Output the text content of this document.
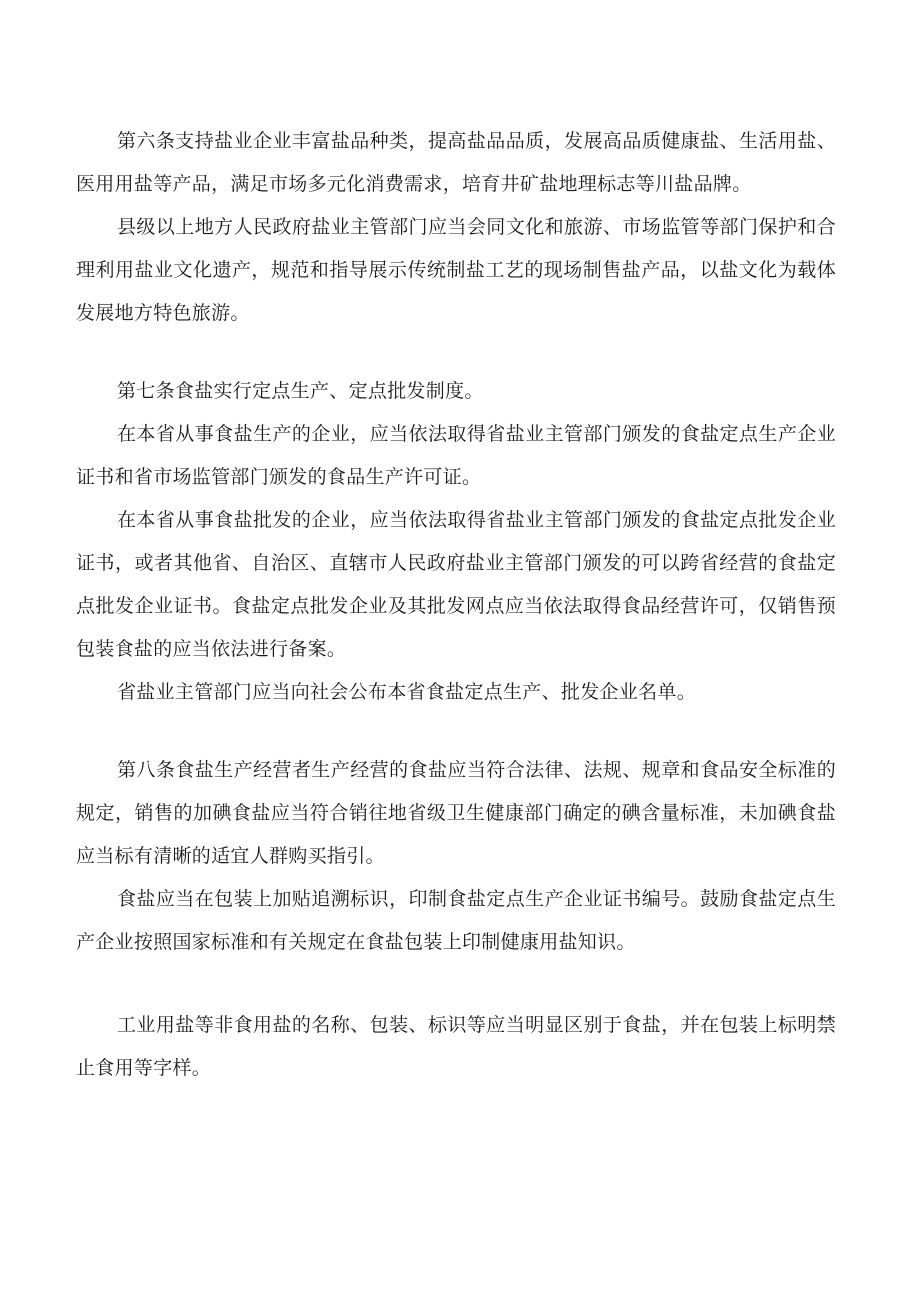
第六条支持盐业企业丰富盐品种类，提高盐品品质，发展高品质健康盐、生活用盐、医用用盐等产品，满足市场多元化消费需求，培育井矿盐地理标志等川盐品牌。

县级以上地方人民政府盐业主管部门应当会同文化和旅游、市场监管等部门保护和合理利用盐业文化遗产，规范和指导展示传统制盐工艺的现场制售盐产品，以盐文化为载体发展地方特色旅游。

第七条食盐实行定点生产、定点批发制度。

在本省从事食盐生产的企业，应当依法取得省盐业主管部门颁发的食盐定点生产企业证书和省市场监管部门颁发的食品生产许可证。

在本省从事食盐批发的企业，应当依法取得省盐业主管部门颁发的食盐定点批发企业证书，或者其他省、自治区、直辖市人民政府盐业主管部门颁发的可以跨省经营的食盐定点批发企业证书。食盐定点批发企业及其批发网点应当依法取得食品经营许可，仅销售预包装食盐的应当依法进行备案。

省盐业主管部门应当向社会公布本省食盐定点生产、批发企业名单。

第八条食盐生产经营者生产经营的食盐应当符合法律、法规、规章和食品安全标准的规定，销售的加碘食盐应当符合销往地省级卫生健康部门确定的碘含量标准，未加碘食盐应当标有清晰的适宜人群购买指引。

食盐应当在包装上加贴追溯标识，印制食盐定点生产企业证书编号。鼓励食盐定点生产企业按照国家标准和有关规定在食盐包装上印制健康用盐知识。

工业用盐等非食用盐的名称、包装、标识等应当明显区别于食盐，并在包装上标明禁止食用等字样。
